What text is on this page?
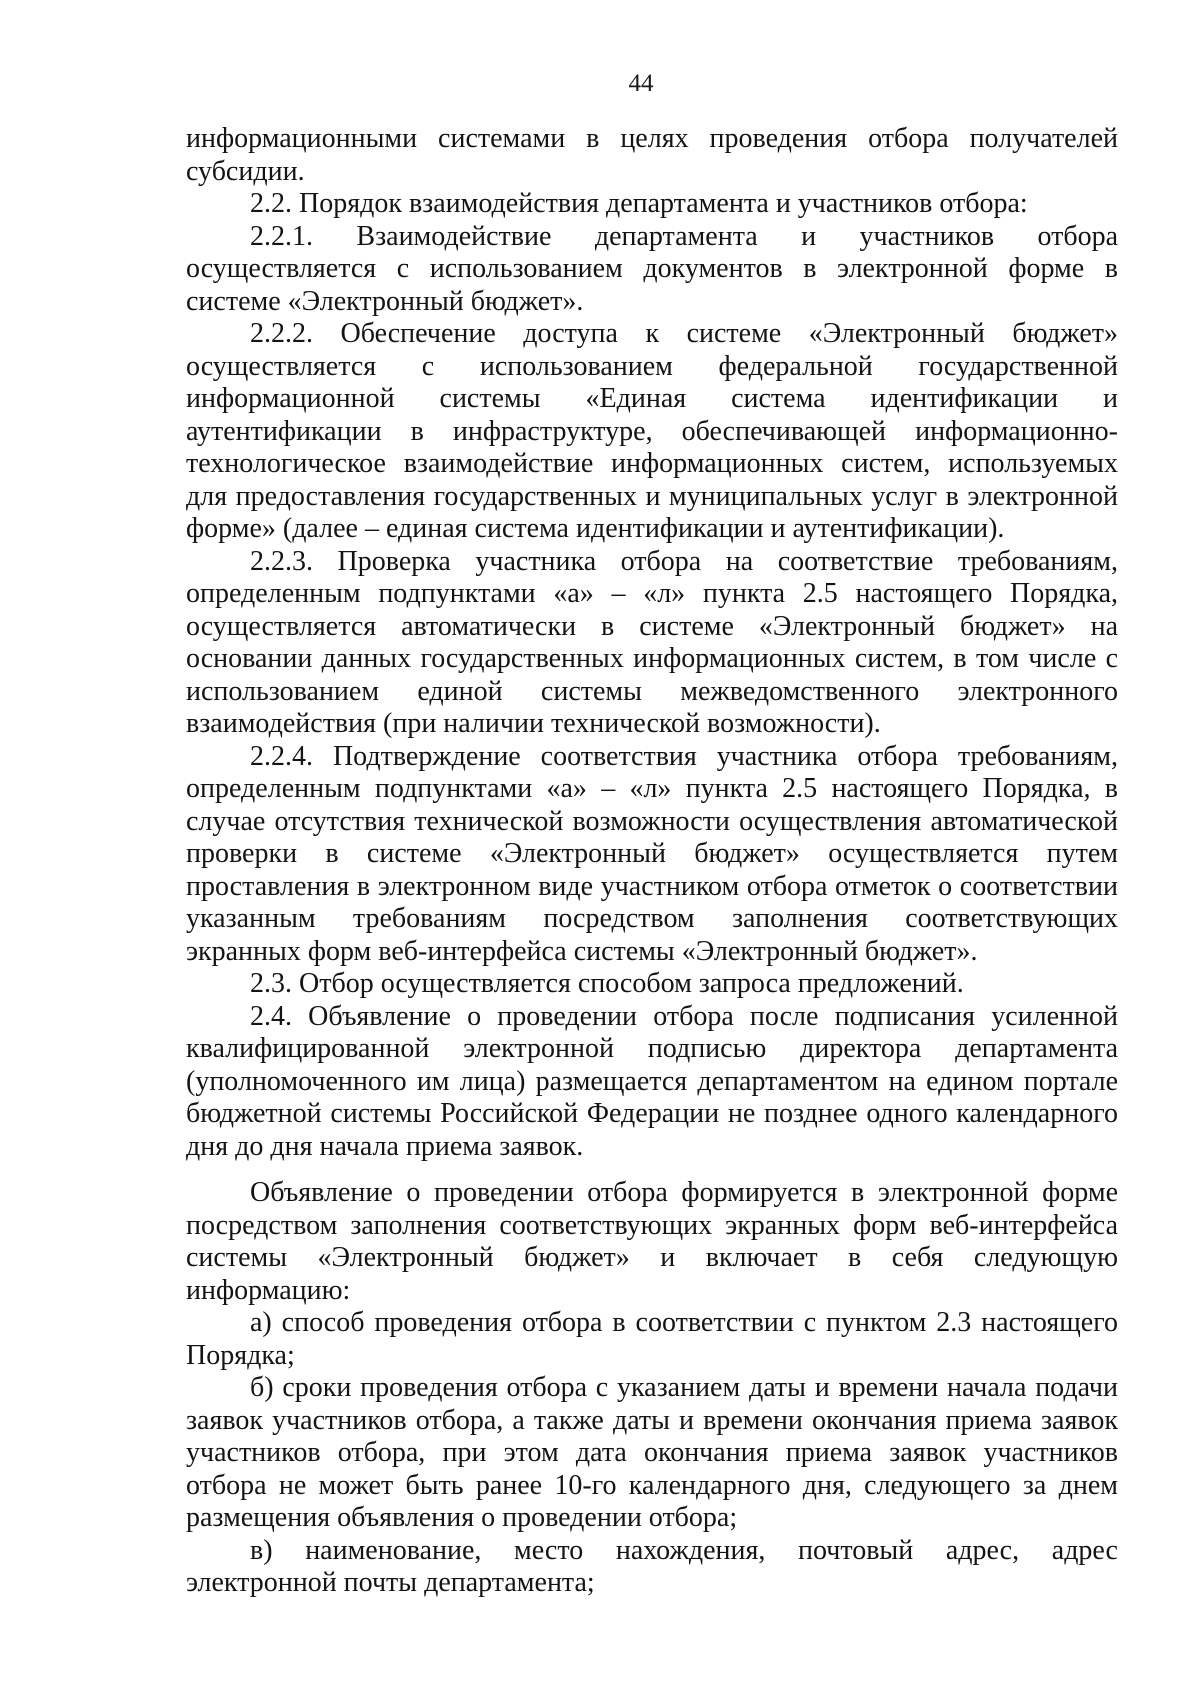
44

информационными системами в целях проведения отбора получателей субсидии.

2.2. Порядок взаимодействия департамента и участников отбора:

2.2.1. Взаимодействие департамента и участников отбора осуществляется с использованием документов в электронной форме в системе «Электронный бюджет».

2.2.2. Обеспечение доступа к системе «Электронный бюджет» осуществляется с использованием федеральной государственной информационной системы «Единая система идентификации и аутентификации в инфраструктуре, обеспечивающей информационно-технологическое взаимодействие информационных систем, используемых для предоставления государственных и муниципальных услуг в электронной форме» (далее – единая система идентификации и аутентификации).

2.2.3. Проверка участника отбора на соответствие требованиям, определенным подпунктами «а» – «л» пункта 2.5 настоящего Порядка, осуществляется автоматически в системе «Электронный бюджет» на основании данных государственных информационных систем, в том числе с использованием единой системы межведомственного электронного взаимодействия (при наличии технической возможности).

2.2.4. Подтверждение соответствия участника отбора требованиям, определенным подпунктами «а» – «л» пункта 2.5 настоящего Порядка, в случае отсутствия технической возможности осуществления автоматической проверки в системе «Электронный бюджет» осуществляется путем проставления в электронном виде участником отбора отметок о соответствии указанным требованиям посредством заполнения соответствующих экранных форм веб-интерфейса системы «Электронный бюджет».

2.3. Отбор осуществляется способом запроса предложений.

2.4. Объявление о проведении отбора после подписания усиленной квалифицированной электронной подписью директора департамента (уполномоченного им лица) размещается департаментом на едином портале бюджетной системы Российской Федерации не позднее одного календарного дня до дня начала приема заявок.

Объявление о проведении отбора формируется в электронной форме посредством заполнения соответствующих экранных форм веб-интерфейса системы «Электронный бюджет» и включает в себя следующую информацию:

а) способ проведения отбора в соответствии с пунктом 2.3 настоящего Порядка;

б) сроки проведения отбора с указанием даты и времени начала подачи заявок участников отбора, а также даты и времени окончания приема заявок участников отбора, при этом дата окончания приема заявок участников отбора не может быть ранее 10-го календарного дня, следующего за днем размещения объявления о проведении отбора;

в) наименование, место нахождения, почтовый адрес, адрес электронной почты департамента;
